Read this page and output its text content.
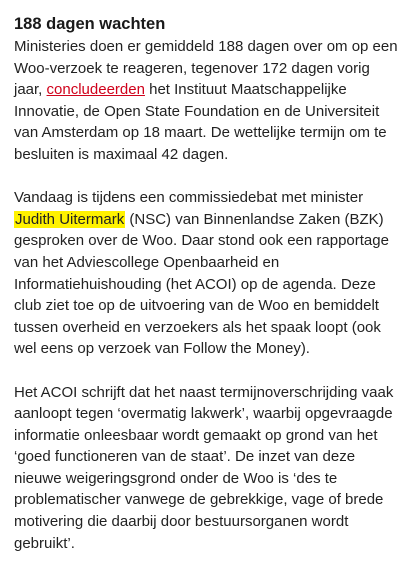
188 dagen wachten

Ministeries doen er gemiddeld 188 dagen over om op een Woo-verzoek te reageren, tegenover 172 dagen vorig jaar, concludeerden het Instituut Maatschappelijke Innovatie, de Open State Foundation en de Universiteit van Amsterdam op 18 maart. De wettelijke termijn om te besluiten is maximaal 42 dagen.

Vandaag is tijdens een commissiedebat met minister Judith Uitermark (NSC) van Binnenlandse Zaken (BZK) gesproken over de Woo. Daar stond ook een rapportage van het Adviescollege Openbaarheid en Informatiehuishouding (het ACOI) op de agenda. Deze club ziet toe op de uitvoering van de Woo en bemiddelt tussen overheid en verzoekers als het spaak loopt (ook wel eens op verzoek van Follow the Money).

Het ACOI schrijft dat het naast termijnoverschrijding vaak aanloopt tegen ‘overmatig lakwerk’, waarbij opgevraagde informatie onleesbaar wordt gemaakt op grond van het ‘goed functioneren van de staat’. De inzet van deze nieuwe weigeringsgrond onder de Woo is ‘des te problematischer vanwege de gebrekkige, vage of brede motivering die daarbij door bestuursorganen wordt gebruikt’.
